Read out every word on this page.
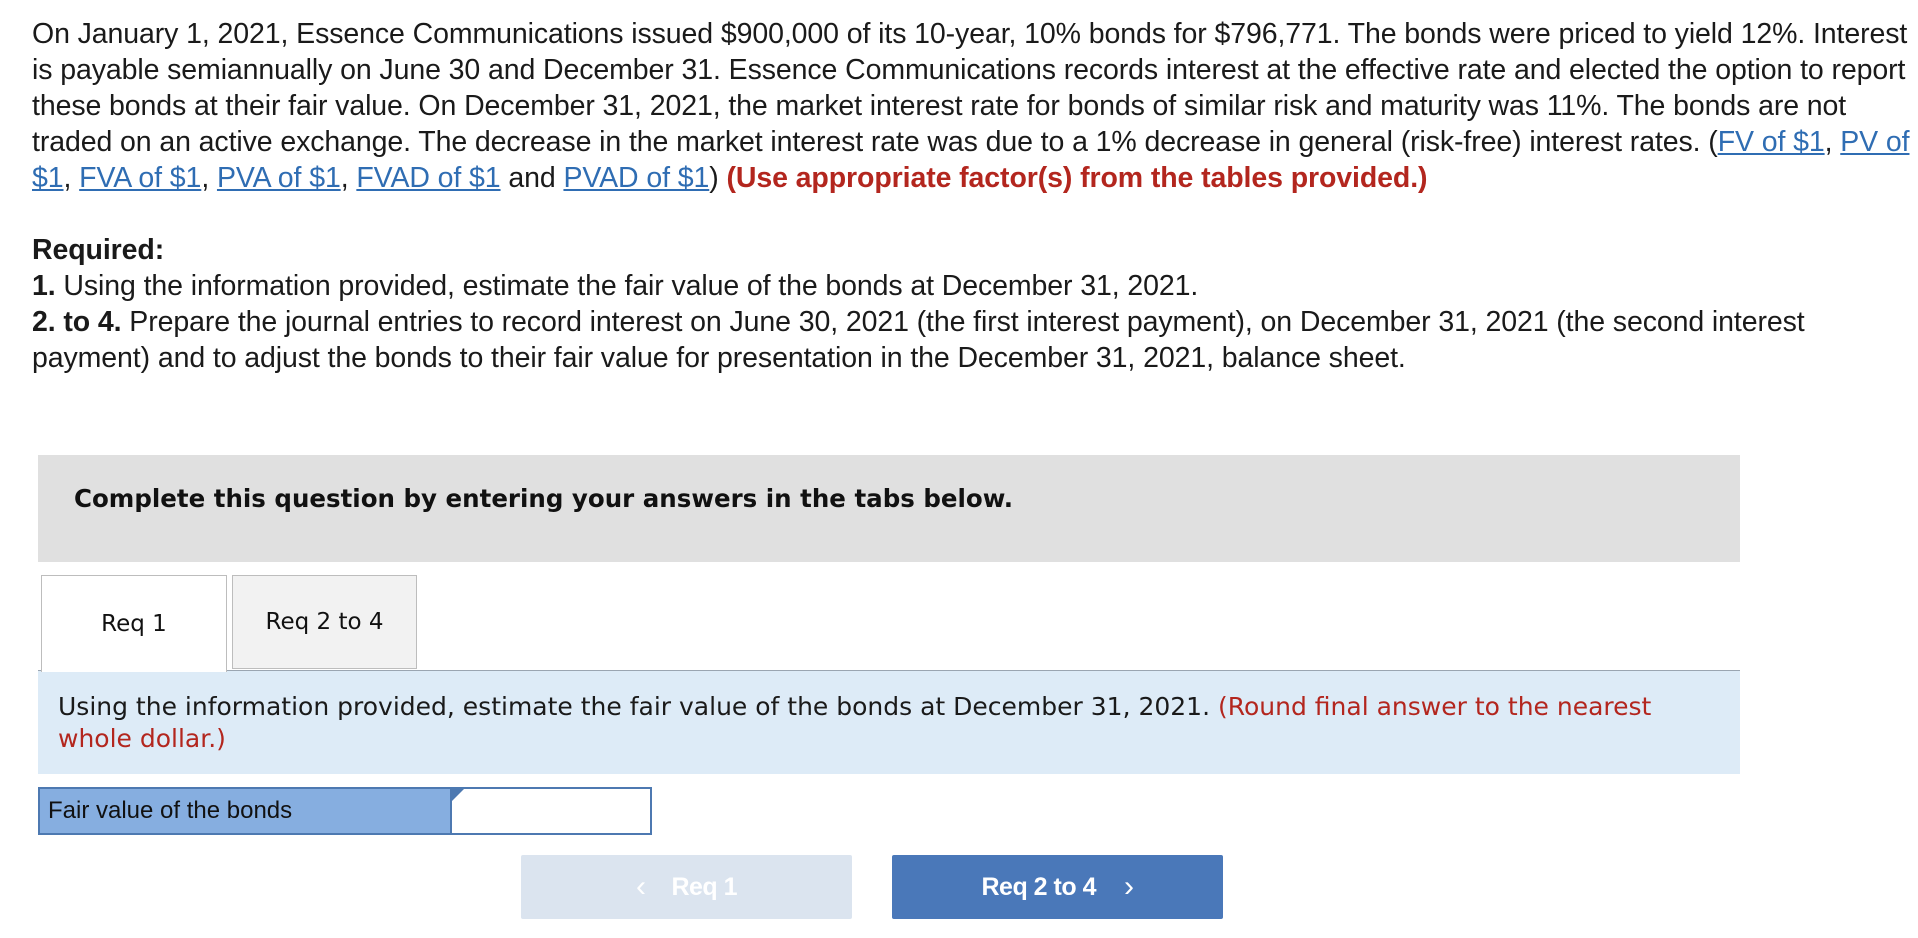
On January 1, 2021, Essence Communications issued $900,000 of its 10-year, 10% bonds for $796,771. The bonds were priced to yield 12%. Interest is payable semiannually on June 30 and December 31. Essence Communications records interest at the effective rate and elected the option to report these bonds at their fair value. On December 31, 2021, the market interest rate for bonds of similar risk and maturity was 11%. The bonds are not traded on an active exchange. The decrease in the market interest rate was due to a 1% decrease in general (risk-free) interest rates. (FV of $1, PV of $1, FVA of $1, PVA of $1, FVAD of $1 and PVAD of $1) (Use appropriate factor(s) from the tables provided.)

Required:
1. Using the information provided, estimate the fair value of the bonds at December 31, 2021.
2. to 4. Prepare the journal entries to record interest on June 30, 2021 (the first interest payment), on December 31, 2021 (the second interest payment) and to adjust the bonds to their fair value for presentation in the December 31, 2021, balance sheet.

Complete this question by entering your answers in the tabs below.
Req 1	Req 2 to 4

Using the information provided, estimate the fair value of the bonds at December 31, 2021. (Round final answer to the nearest whole dollar.)

Fair value of the bonds
‹ Req 1	Req 2 to 4 ›
